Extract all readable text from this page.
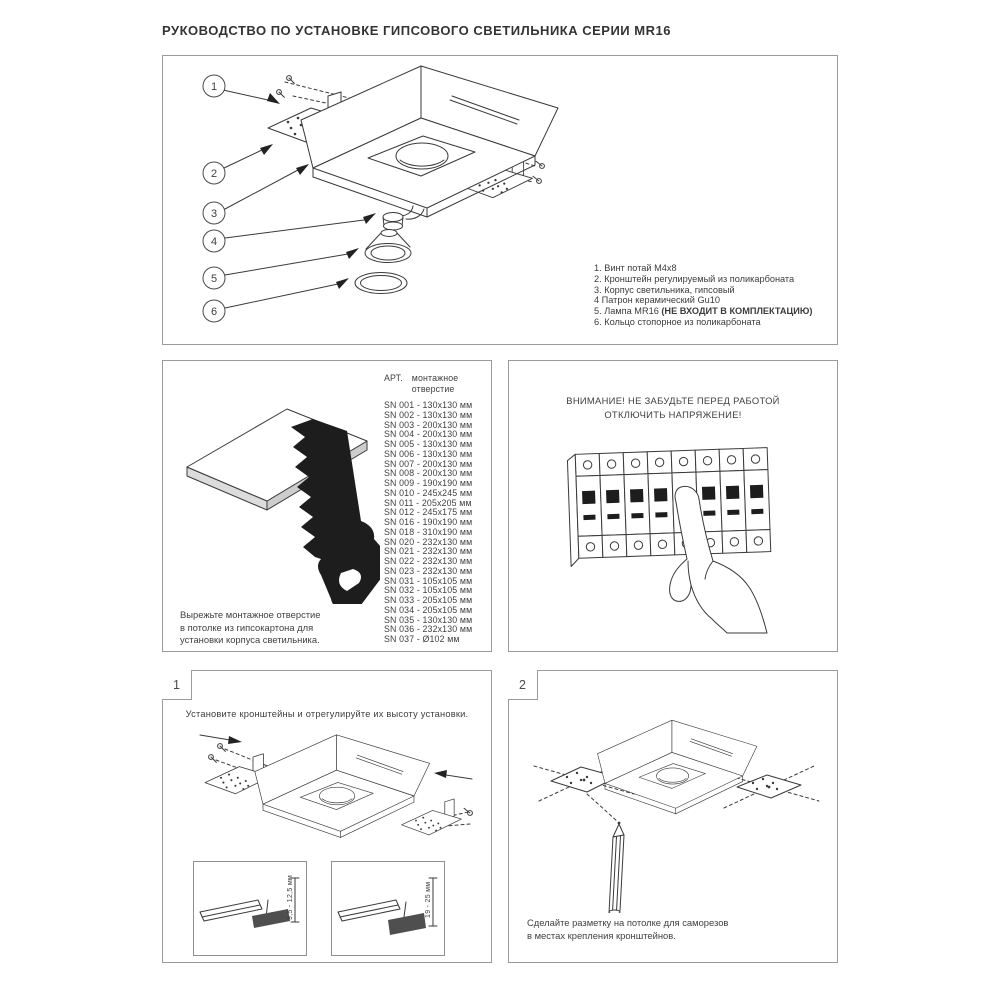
РУКОВОДСТВО ПО УСТАНОВКЕ ГИПСОВОГО СВЕТИЛЬНИКА СЕРИИ MR16
1
2
3
4
5
6
1. Винт потай М4х8
2. Кронштейн регулируемый из поликарбоната
3. Корпус светильника, гипсовый
4 Патрон керамический Gu10
5. Лампа MR16 (НЕ ВХОДИТ В КОМПЛЕКТАЦИЮ)
6. Кольцо стопорное из поликарбоната
Вырежьте монтажное отверстие
в потолке из гипсокартона для
установки корпуса светильника.
АРТ. монтажное отверстие
SN 001 - 130x130 мм
SN 002 - 130x130 мм
SN 003 - 200x130 мм
SN 004 - 200x130 мм
SN 005 - 130x130 мм
SN 006 - 130x130 мм
SN 007 - 200x130 мм
SN 008 - 200x130 мм
SN 009 - 190x190 мм
SN 010 - 245x245 мм
SN 011 - 205x205 мм
SN 012 - 245x175 мм
SN 016 - 190x190 мм
SN 018 - 310x190 мм
SN 020 - 232x130 мм
SN 021 - 232x130 мм
SN 022 - 232x130 мм
SN 023 - 232x130 мм
SN 031 - 105x105 мм
SN 032 - 105x105 мм
SN 033 - 205x105 мм
SN 034 - 205x105 мм
SN 035 - 130x130 мм
SN 036 - 232x130 мм
SN 037 - Ø102 мм
ВНИМАНИЕ! НЕ ЗАБУДЬТЕ ПЕРЕД РАБОТОЙ
ОТКЛЮЧИТЬ НАПРЯЖЕНИЕ!
1
Установите кронштейны и отрегулируйте их высоту установки.
9,5 - 12,5 мм	19 - 25 мм
2
Сделайте разметку на потолке для саморезов
в местах крепления кронштейнов.
